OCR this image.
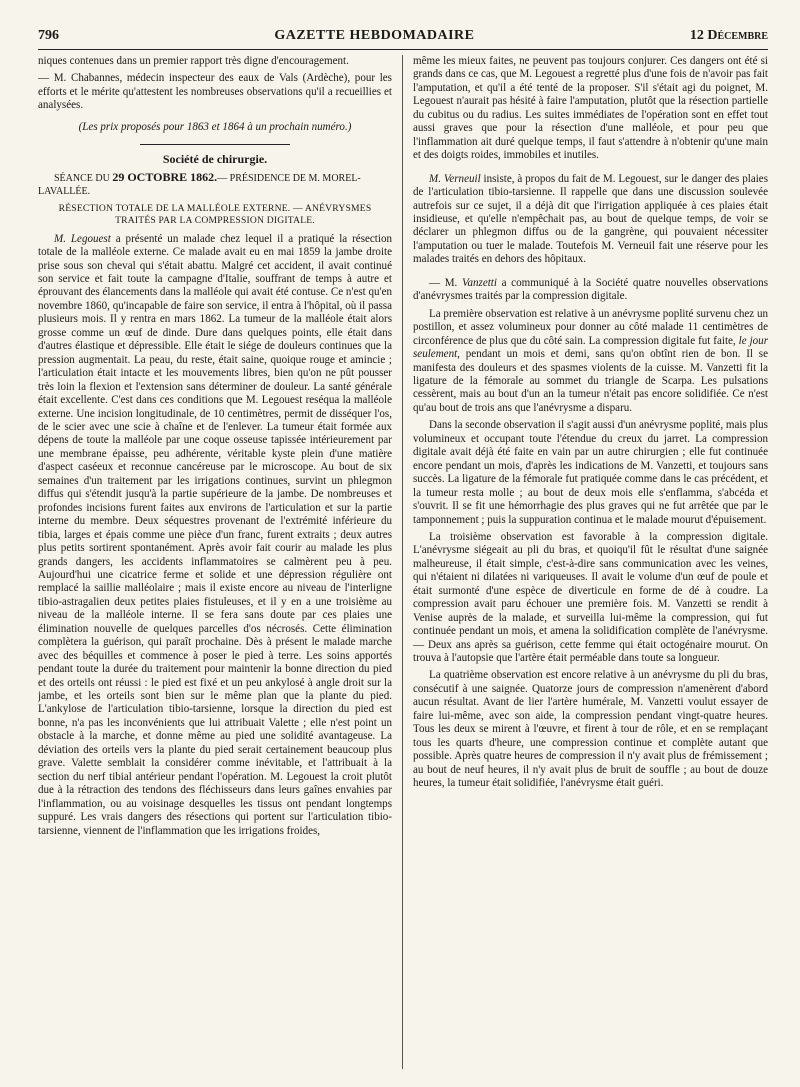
796	GAZETTE HEBDOMADAIRE	12 Décembre

niques contenues dans un premier rapport très digne d'encouragement.

— M. Chabannes, médecin inspecteur des eaux de Vals (Ardèche), pour les efforts et le mérite qu'attestent les nombreuses observations qu'il a recueillies et analysées.

(Les prix proposés pour 1863 et 1864 à un prochain numéro.)

Société de chirurgie.

SÉANCE DU 29 OCTOBRE 1862.— PRÉSIDENCE DE M. MOREL-LAVALLÉE.

RÉSECTION TOTALE DE LA MALLÉOLE EXTERNE. — ANÉVRYSMES TRAITÉS PAR LA COMPRESSION DIGITALE.

M. Legouest a présenté un malade chez lequel il a pratiqué la résection totale de la malléole externe. Ce malade avait eu en mai 1859 la jambe droite prise sous son cheval qui s'était abattu. Malgré cet accident, il avait continué son service et fait toute la campagne d'Italie, souffrant de temps à autre et éprouvant des élancements dans la malléole qui avait été contuse. Ce n'est qu'en novembre 1860, qu'incapable de faire son service, il entra à l'hôpital, où il passa plusieurs mois. Il y rentra en mars 1862. La tumeur de la malléole était alors grosse comme un œuf de dinde. Dure dans quelques points, elle était dans d'autres élastique et dépressible. Elle était le siége de douleurs continues que la pression augmentait. La peau, du reste, était saine, quoique rouge et amincie ; l'articulation était intacte et les mouvements libres, bien qu'on ne pût pousser très loin la flexion et l'extension sans déterminer de douleur. La santé générale était excellente. C'est dans ces conditions que M. Legouest reséqua la malléole externe. Une incision longitudinale, de 10 centimètres, permit de disséquer l'os, de le scier avec une scie à chaîne et de l'enlever. La tumeur était formée aux dépens de toute la malléole par une coque osseuse tapissée intérieurement par une membrane épaisse, peu adhérente, véritable kyste plein d'une matière d'aspect caséeux et reconnue cancéreuse par le microscope. Au bout de six semaines d'un traitement par les irrigations continues, survint un phlegmon diffus qui s'étendit jusqu'à la partie supérieure de la jambe. De nombreuses et profondes incisions furent faites aux environs de l'articulation et sur la partie interne du membre. Deux séquestres provenant de l'extrémité inférieure du tibia, larges et épais comme une pièce d'un franc, furent extraits ; deux autres plus petits sortirent spontanément. Après avoir fait courir au malade les plus grands dangers, les accidents inflammatoires se calmèrent peu à peu. Aujourd'hui une cicatrice ferme et solide et une dépression régulière ont remplacé la saillie malléolaire ; mais il existe encore au niveau de l'interligne tibio-astragalien deux petites plaies fistuleuses, et il y en a une troisième au niveau de la malléole interne. Il se fera sans doute par ces plaies une élimination nouvelle de quelques parcelles d'os nécrosés. Cette élimination complètera la guérison, qui paraît prochaine. Dès à présent le malade marche avec des béquilles et commence à poser le pied à terre. Les soins apportés pendant toute la durée du traitement pour maintenir la bonne direction du pied et des orteils ont réussi : le pied est fixé et un peu ankylosé à angle droit sur la jambe, et les orteils sont bien sur le même plan que la plante du pied. L'ankylose de l'articulation tibio-tarsienne, lorsque la direction du pied est bonne, n'a pas les inconvénients que lui attribuait Valette ; elle n'est point un obstacle à la marche, et donne même au pied une solidité avantageuse. La déviation des orteils vers la plante du pied serait certainement beaucoup plus grave. Valette semblait la considérer comme inévitable, et l'attribuait à la section du nerf tibial antérieur pendant l'opération. M. Legouest la croit plutôt due à la rétraction des tendons des fléchisseurs dans leurs gaînes envahies par l'inflammation, ou au voisinage desquelles les tissus ont pendant longtemps suppuré. Les vrais dangers des résections qui portent sur l'articulation tibio-tarsienne, viennent de l'inflammation que les irrigations froides,

même les mieux faites, ne peuvent pas toujours conjurer. Ces dangers ont été si grands dans ce cas, que M. Legouest a regretté plus d'une fois de n'avoir pas fait l'amputation, et qu'il a été tenté de la proposer. S'il s'était agi du poignet, M. Legouest n'aurait pas hésité à faire l'amputation, plutôt que la résection partielle du cubitus ou du radius. Les suites immédiates de l'opération sont en effet tout aussi graves que pour la résection d'une malléole, et pour peu que l'inflammation ait duré quelque temps, il faut s'attendre à n'obtenir qu'une main et des doigts roides, immobiles et inutiles.

M. Verneuil insiste, à propos du fait de M. Legouest, sur le danger des plaies de l'articulation tibio-tarsienne. Il rappelle que dans une discussion soulevée autrefois sur ce sujet, il a déjà dit que l'irrigation appliquée à ces plaies était insidieuse, et qu'elle n'empêchait pas, au bout de quelque temps, de voir se déclarer un phlegmon diffus ou de la gangrène, qui pouvaient nécessiter l'amputation ou tuer le malade. Toutefois M. Verneuil fait une réserve pour les malades traités en dehors des hôpitaux.

— M. Vanzetti a communiqué à la Société quatre nouvelles observations d'anévrysmes traités par la compression digitale.

La première observation est relative à un anévrysme poplité survenu chez un postillon, et assez volumineux pour donner au côté malade 11 centimètres de circonférence de plus que du côté sain. La compression digitale fut faite, le jour seulement, pendant un mois et demi, sans qu'on obtînt rien de bon. Il se manifesta des douleurs et des spasmes violents de la cuisse. M. Vanzetti fit la ligature de la fémorale au sommet du triangle de Scarpa. Les pulsations cessèrent, mais au bout d'un an la tumeur n'était pas encore solidifiée. Ce n'est qu'au bout de trois ans que l'anévrysme a disparu.

Dans la seconde observation il s'agit aussi d'un anévrysme poplité, mais plus volumineux et occupant toute l'étendue du creux du jarret. La compression digitale avait déjà été faite en vain par un autre chirurgien ; elle fut continuée encore pendant un mois, d'après les indications de M. Vanzetti, et toujours sans succès. La ligature de la fémorale fut pratiquée comme dans le cas précédent, et la tumeur resta molle ; au bout de deux mois elle s'enflamma, s'abcéda et s'ouvrit. Il se fit une hémorrhagie des plus graves qui ne fut arrêtée que par le tamponnement ; puis la suppuration continua et le malade mourut d'épuisement.

La troisième observation est favorable à la compression digitale. L'anévrysme siégeait au pli du bras, et quoiqu'il fût le résultat d'une saignée malheureuse, il était simple, c'est-à-dire sans communication avec les veines, qui n'étaient ni dilatées ni variqueuses. Il avait le volume d'un œuf de poule et était surmonté d'une espèce de diverticule en forme de dé à coudre. La compression avait paru échouer une première fois. M. Vanzetti se rendit à Venise auprès de la malade, et surveilla lui-même la compression, qui fut continuée pendant un mois, et amena la solidification complète de l'anévrysme. — Deux ans après sa guérison, cette femme qui était octogénaire mourut. On trouva à l'autopsie que l'artère était perméable dans toute sa longueur.

La quatrième observation est encore relative à un anévrysme du pli du bras, consécutif à une saignée. Quatorze jours de compression n'amenèrent d'abord aucun résultat. Avant de lier l'artère humérale, M. Vanzetti voulut essayer de faire lui-même, avec son aide, la compression pendant vingt-quatre heures. Tous les deux se mirent à l'œuvre, et firent à tour de rôle, et en se remplaçant tous les quarts d'heure, une compression continue et complète autant que possible. Après quatre heures de compression il n'y avait plus de frémissement ; au bout de neuf heures, il n'y avait plus de bruit de souffle ; au bout de douze heures, la tumeur était solidifiée, l'anévrysme était guéri.
